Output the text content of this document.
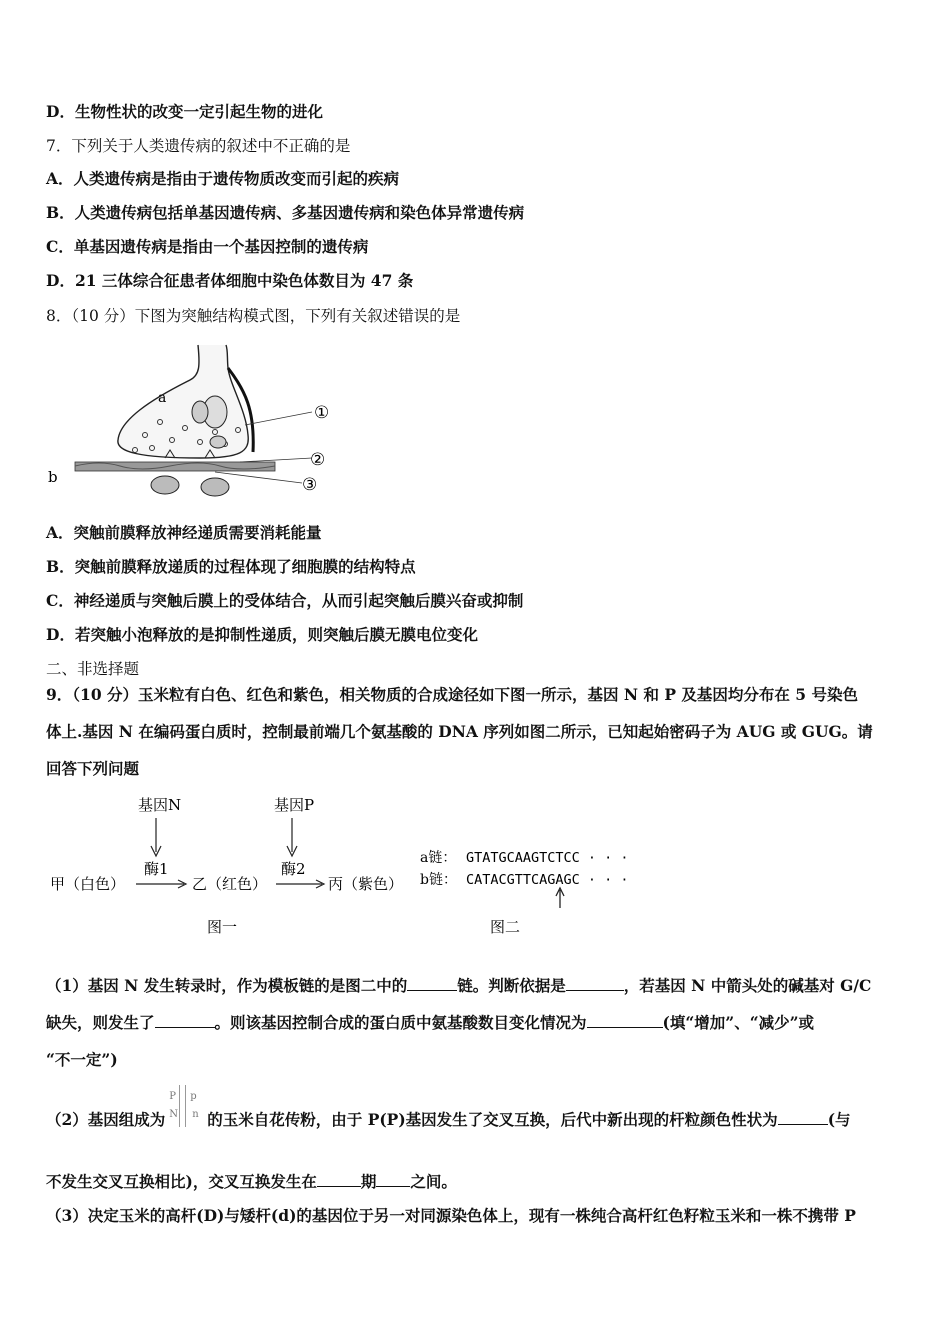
D．生物性状的改变一定引起生物的进化
7．下列关于人类遗传病的叙述中不正确的是
A．人类遗传病是指由于遗传物质改变而引起的疾病
B．人类遗传病包括单基因遗传病、多基因遗传病和染色体异常遗传病
C．单基因遗传病是指由一个基因控制的遗传病
D．21 三体综合征患者体细胞中染色体数目为 47 条
8．（10 分）下图为突触结构模式图，下列有关叙述错误的是
a
b
①
②
③
A．突触前膜释放神经递质需要消耗能量
B．突触前膜释放递质的过程体现了细胞膜的结构特点
C．神经递质与突触后膜上的受体结合，从而引起突触后膜兴奋或抑制
D．若突触小泡释放的是抑制性递质，则突触后膜无膜电位变化
二、非选择题
9．（10 分）玉米粒有白色、红色和紫色，相关物质的合成途径如下图一所示，基因 N 和 P 及基因均分布在 5 号染色
体上.基因 N 在编码蛋白质时，控制最前端几个氨基酸的 DNA 序列如图二所示，已知起始密码子为 AUG 或 GUG。请
回答下列问题
基因N	基因P
酶1	酶2
甲（白色）	乙（红色）	丙（紫色）
图一
a链： GTATGCAAGTCTCC · · ·
b链： CATACGTTCAGAGC · · ·
图二
（1）基因 N 发生转录时，作为模板链的是图二中的	链。判断依据是	，若基因 N 中箭头处的碱基对 G/C
缺失，则发生了	。则该基因控制合成的蛋白质中氨基酸数目变化情况为	(填“增加”、“减少”或
“不一定”)
（2）基因组成为
P
N
p
n 的玉米自花传粉，由于 P(P)基因发生了交叉互换，后代中新出现的杆粒颜色性状为	(与
不发生交叉互换相比)，交叉互换发生在	期 之间。
（3）决定玉米的高杆(D)与矮杆(d)的基因位于另一对同源染色体上，现有一株纯合高杆红色籽粒玉米和一株不携带 P
